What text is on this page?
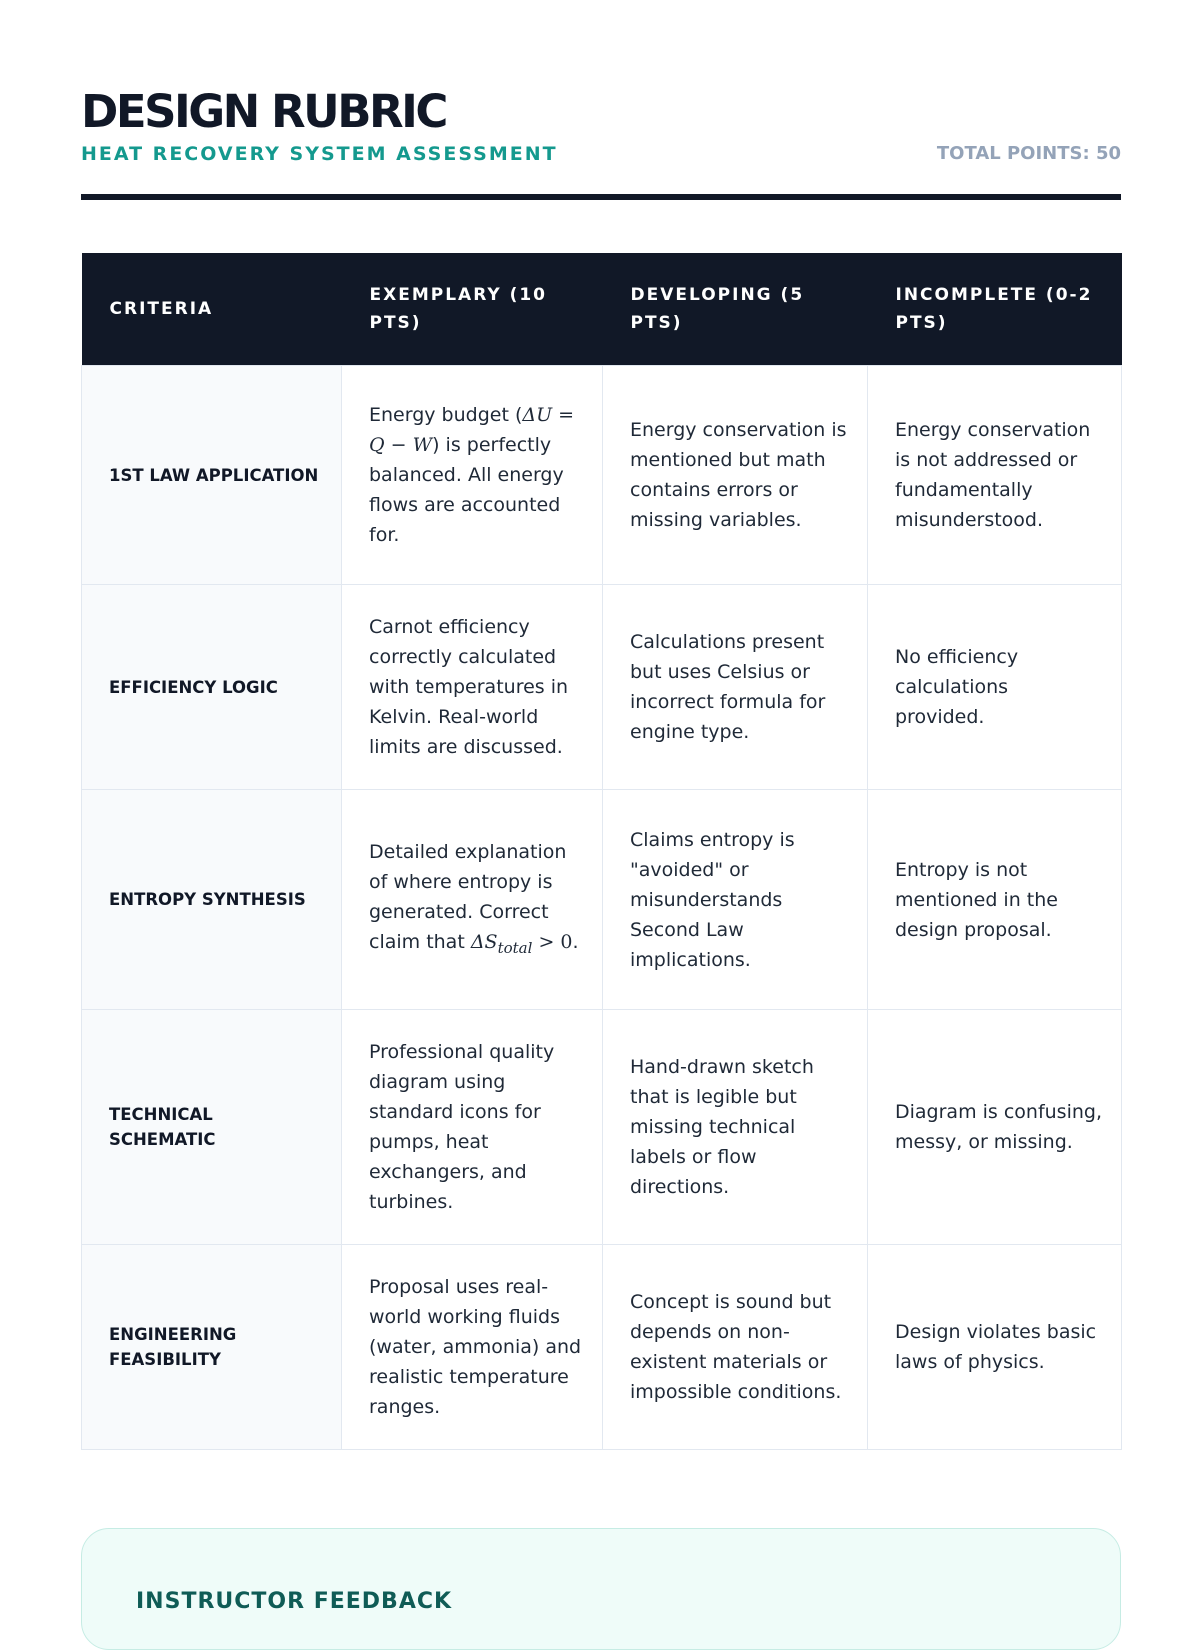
DESIGN RUBRIC
HEAT RECOVERY SYSTEM ASSESSMENT	TOTAL POINTS: 50
CRITERIA	EXEMPLARY (10 PTS)	DEVELOPING (5 PTS)	INCOMPLETE (0-2 PTS)
1ST LAW APPLICATION	Energy budget (ΔU = Q − W) is perfectly balanced. All energy flows are accounted for.	Energy conservation is mentioned but math contains errors or missing variables.	Energy conservation is not addressed or fundamentally misunderstood.
EFFICIENCY LOGIC	Carnot efficiency correctly calculated with temperatures in Kelvin. Real-world limits are discussed.	Calculations present but uses Celsius or incorrect formula for engine type.	No efficiency calculations provided.
ENTROPY SYNTHESIS	Detailed explanation of where entropy is generated. Correct claim that $\Delta S_{total} > 0$.	Claims entropy is "avoided" or misunderstands Second Law implications.	Entropy is not mentioned in the design proposal.
TECHNICAL SCHEMATIC	Professional quality diagram using standard icons for pumps, heat exchangers, and turbines.	Hand-drawn sketch that is legible but missing technical labels or flow directions.	Diagram is confusing, messy, or missing.
ENGINEERING FEASIBILITY	Proposal uses real-world working fluids (water, ammonia) and realistic temperature ranges.	Concept is sound but depends on non-existent materials or impossible conditions.	Design violates basic laws of physics.
INSTRUCTOR FEEDBACK
